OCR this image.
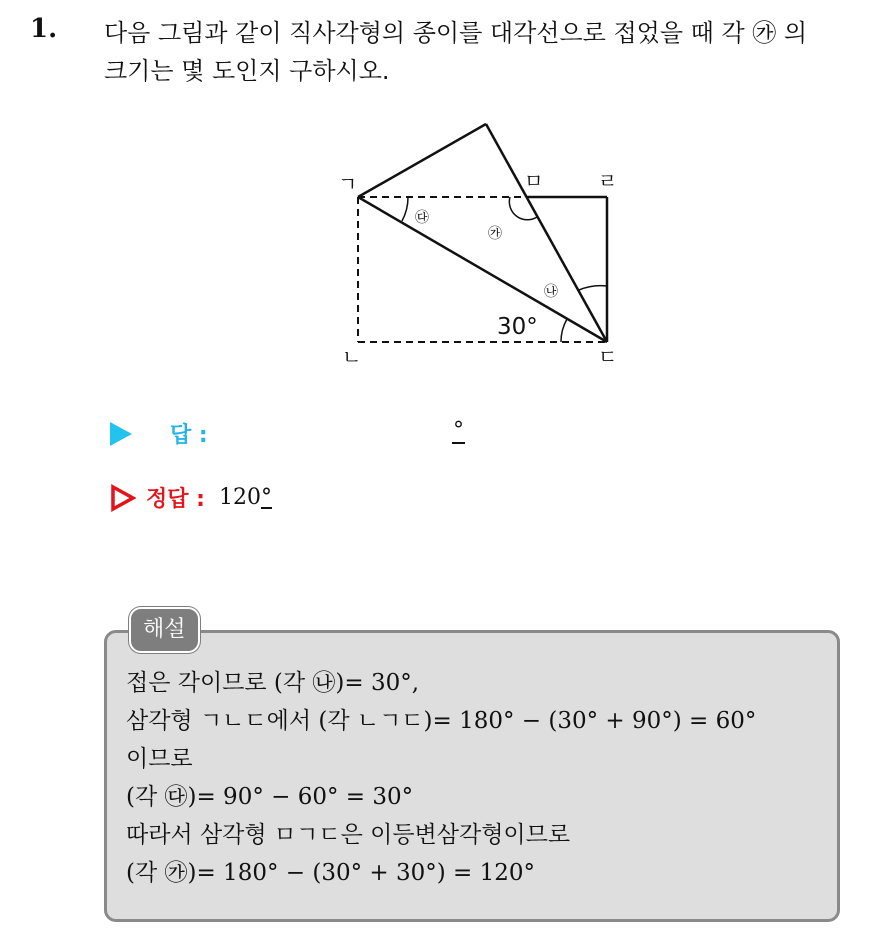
1. 다음 그림과 같이 직사각형의 종이를 대각선으로 접었을 때 각 ㉮ 의
크기는 몇 도인지 구하시오.
ㄱ
ㄴ	ㄷ
ㄹ
ㅁ
㉮
㉯
㉰
30°
답 :	°
정답 : 120°
해설
접은 각이므로 (각 ㉯)= 30°,
삼각형 ㄱㄴㄷ에서 (각 ㄴㄱㄷ)= 180° − (30° + 90°) = 60°
이므로
(각 ㉰)= 90° − 60° = 30°
따라서 삼각형 ㅁㄱㄷ은 이등변삼각형이므로
(각 ㉮)= 180° − (30° + 30°) = 120°
